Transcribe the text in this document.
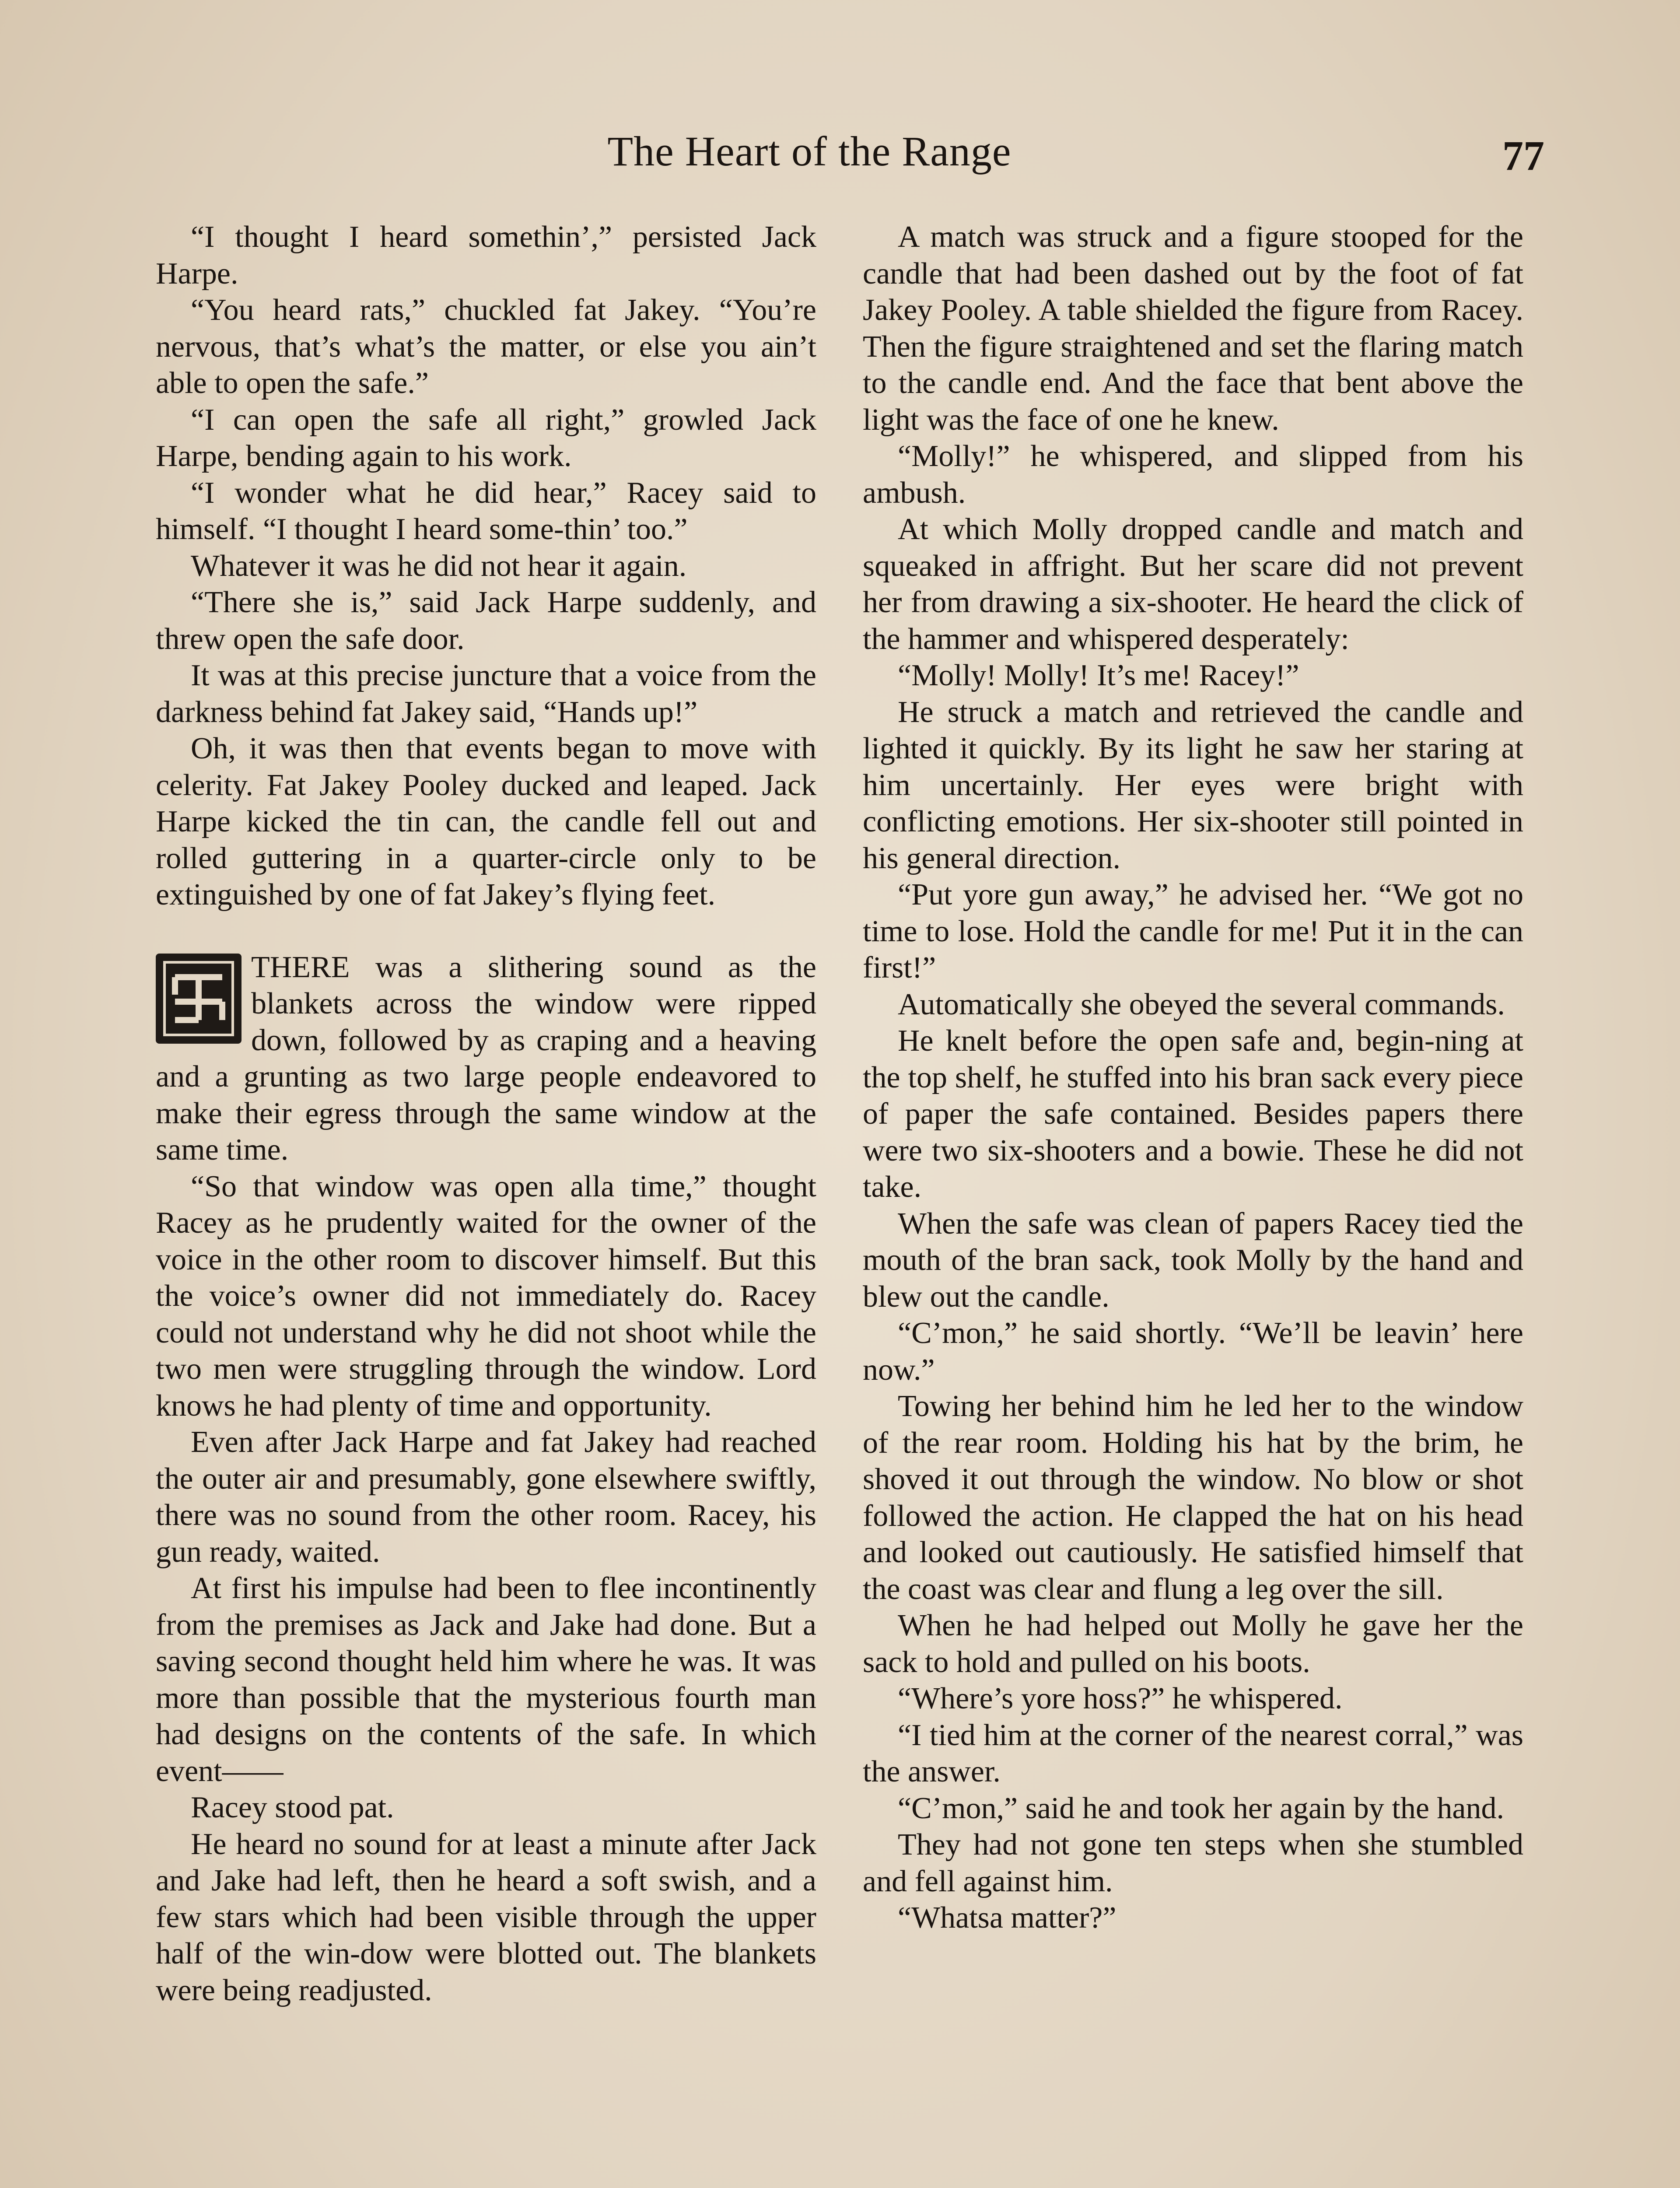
The Heart of the Range	77

“I thought I heard somethin’,” persisted Jack Harpe.

“You heard rats,” chuckled fat Jakey. “You’re nervous, that’s what’s the matter, or else you ain’t able to open the safe.”

“I can open the safe all right,” growled Jack Harpe, bending again to his work.

“I wonder what he did hear,” Racey said to himself. “I thought I heard some-thin’ too.”

Whatever it was he did not hear it again.

“There she is,” said Jack Harpe suddenly, and threw open the safe door.

It was at this precise juncture that a voice from the darkness behind fat Jakey said, “Hands up!”

Oh, it was then that events began to move with celerity. Fat Jakey Pooley ducked and leaped. Jack Harpe kicked the tin can, the candle fell out and rolled guttering in a quarter-circle only to be extinguished by one of fat Jakey’s flying feet.

THERE was a slithering sound as the blankets across the window were ripped down, followed by as craping and a heaving and a grunting as two large people endeavored to make their egress through the same window at the same time.

“So that window was open alla time,” thought Racey as he prudently waited for the owner of the voice in the other room to discover himself. But this the voice’s owner did not immediately do. Racey could not understand why he did not shoot while the two men were struggling through the window. Lord knows he had plenty of time and opportunity.

Even after Jack Harpe and fat Jakey had reached the outer air and presumably, gone elsewhere swiftly, there was no sound from the other room. Racey, his gun ready, waited.

At first his impulse had been to flee incontinently from the premises as Jack and Jake had done. But a saving second thought held him where he was. It was more than possible that the mysterious fourth man had designs on the contents of the safe. In which event——

Racey stood pat.

He heard no sound for at least a minute after Jack and Jake had left, then he heard a soft swish, and a few stars which had been visible through the upper half of the win-dow were blotted out. The blankets were being readjusted.

A match was struck and a figure stooped for the candle that had been dashed out by the foot of fat Jakey Pooley. A table shielded the figure from Racey. Then the figure straightened and set the flaring match to the candle end. And the face that bent above the light was the face of one he knew.

“Molly!” he whispered, and slipped from his ambush.

At which Molly dropped candle and match and squeaked in affright. But her scare did not prevent her from drawing a six-shooter. He heard the click of the hammer and whispered desperately:

“Molly! Molly! It’s me! Racey!”

He struck a match and retrieved the candle and lighted it quickly. By its light he saw her staring at him uncertainly. Her eyes were bright with conflicting emotions. Her six-shooter still pointed in his general direction.

“Put yore gun away,” he advised her. “We got no time to lose. Hold the candle for me! Put it in the can first!”

Automatically she obeyed the several commands.

He knelt before the open safe and, begin-ning at the top shelf, he stuffed into his bran sack every piece of paper the safe contained. Besides papers there were two six-shooters and a bowie. These he did not take.

When the safe was clean of papers Racey tied the mouth of the bran sack, took Molly by the hand and blew out the candle.

“C’mon,” he said shortly. “We’ll be leavin’ here now.”

Towing her behind him he led her to the window of the rear room. Holding his hat by the brim, he shoved it out through the window. No blow or shot followed the action. He clapped the hat on his head and looked out cautiously. He satisfied himself that the coast was clear and flung a leg over the sill.

When he had helped out Molly he gave her the sack to hold and pulled on his boots.

“Where’s yore hoss?” he whispered.

“I tied him at the corner of the nearest corral,” was the answer.

“C’mon,” said he and took her again by the hand.

They had not gone ten steps when she stumbled and fell against him.

“Whatsa matter?”
